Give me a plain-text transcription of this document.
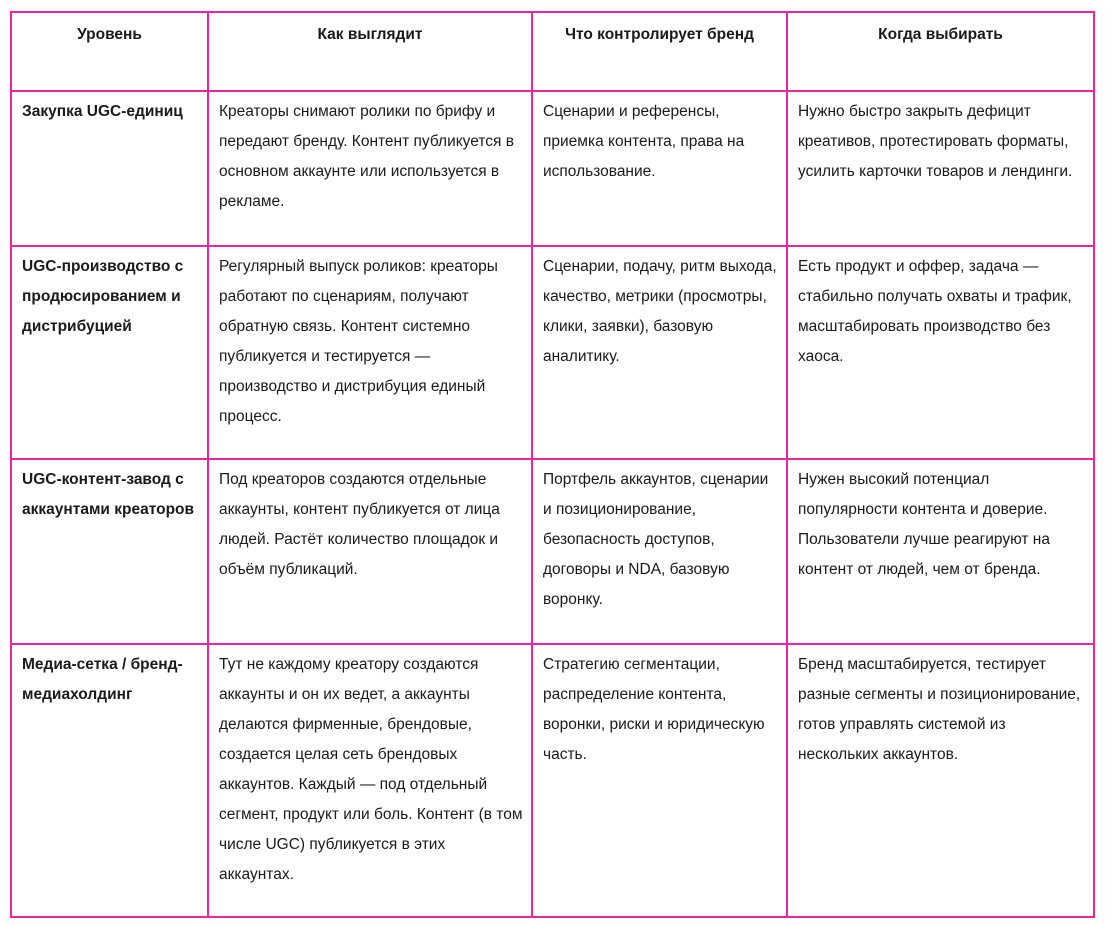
Уровень	Как выглядит	Что контролирует бренд	Когда выбирать
Закупка UGC-единиц	Креаторы снимают ролики по брифу и передают бренду. Контент публикуется в основном аккаунте или используется в рекламе.	Сценарии и референсы, приемка контента, права на использование.	Нужно быстро закрыть дефицит креативов, протестировать форматы, усилить карточки товаров и лендинги.
UGC-производство с продюсированием и дистрибуцией	Регулярный выпуск роликов: креаторы работают по сценариям, получают обратную связь. Контент системно публикуется и тестируется — производство и дистрибуция единый процесс.	Сценарии, подачу, ритм выхода, качество, метрики (просмотры, клики, заявки), базовую аналитику.	Есть продукт и оффер, задача — стабильно получать охваты и трафик, масштабировать производство без хаоса.
UGC-контент-завод с аккаунтами креаторов	Под креаторов создаются отдельные аккаунты, контент публикуется от лица людей. Растёт количество площадок и объём публикаций.	Портфель аккаунтов, сценарии и позиционирование, безопасность доступов, договоры и NDA, базовую воронку.	Нужен высокий потенциал популярности контента и доверие. Пользователи лучше реагируют на контент от людей, чем от бренда.
Медиа-сетка / бренд-медиахолдинг	Тут не каждому креатору создаются аккаунты и он их ведет, а аккаунты делаются фирменные, брендовые, создается целая сеть брендовых аккаунтов. Каждый — под отдельный сегмент, продукт или боль. Контент (в том числе UGC) публикуется в этих аккаунтах.	Стратегию сегментации, распределение контента, воронки, риски и юридическую часть.	Бренд масштабируется, тестирует разные сегменты и позиционирование, готов управлять системой из нескольких аккаунтов.
